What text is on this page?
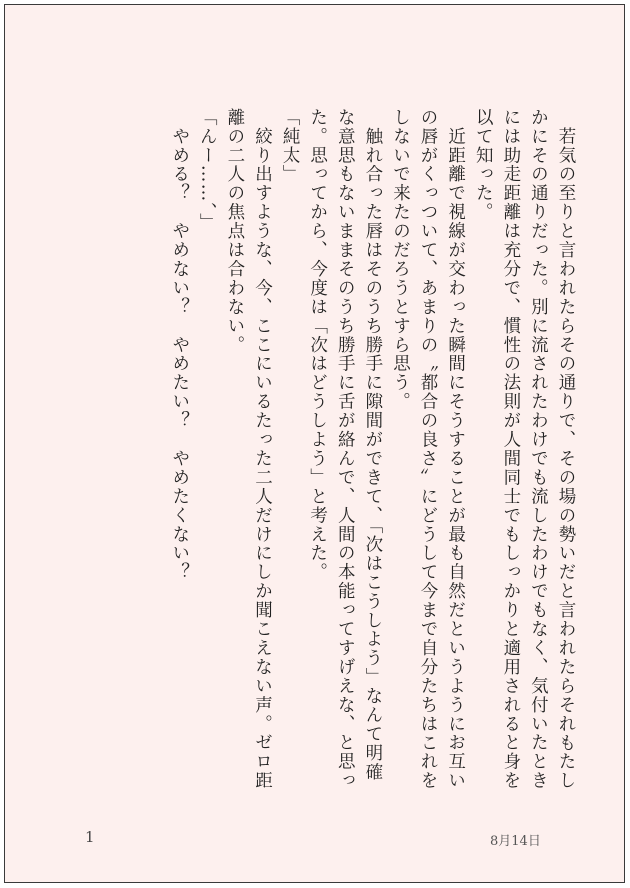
　若気の至りと言われたらその通りで、その場の勢いだと言われたらそれもたし

かにその通りだった。別に流されたわけでも流したわけでもなく、気付いたとき

には助走距離は充分で、慣性の法則が人間同士でもしっかりと適用されると身を

以て知った。

　近距離で視線が交わった瞬間にそうすることが最も自然だというようにお互い

の唇がくっついて、あまりの〝都合の良さ〟にどうして今まで自分たちはこれを

しないで来たのだろうとすら思う。

　触れ合った唇はそのうち勝手に隙間ができて、「次はこうしよう」なんて明確

な意思もないままそのうち勝手に舌が絡んで、人間の本能ってすげえな、と思っ

た。思ってから、今度は「次はどうしよう」と考えた。

「純太」

　絞り出すような、今、ここにいるたった二人だけにしか聞こえない声。ゼロ距

離の二人の焦点は合わない。

「んー……、」

　やめる？　やめない？　やめたい？　やめたくない？

1	8月14日
